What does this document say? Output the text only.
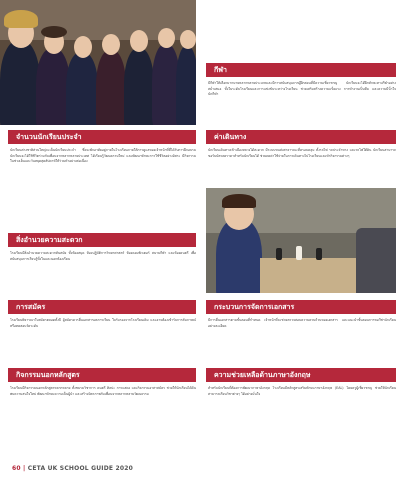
กีฬา
มีกีฬาให้เลือกมากมายหลากหลายประเภทและมีการสนับสนุนจากผู้ฝึกสอนที่มีความเชี่ยวชาญ นักเรียนจะได้ฝึกทักษะทางกีฬาอย่างสม่ำเสมอ ทั้งในระดับโรงเรียนและการแข่งขันระหว่างโรงเรียน ช่วยเสริมสร้างความแข็งแรง การทำงานเป็นทีม และความมีน้ำใจนักกีฬา
จำนวนนักเรียนประจำ
นักเรียนต่างชาติส่วนใหญ่จะเป็นนักเรียนประจำ ซึ่งจะพักอาศัยอยู่ภายในโรงเรียนภายใต้การดูแลของเจ้าหน้าที่ที่ได้รับการฝึกอบรม นักเรียนจะได้ใช้ชีวิตร่วมกับเพื่อนจากหลากหลายประเทศ ได้เรียนรู้วัฒนธรรมใหม่ และพัฒนาทักษะการใช้ชีวิตอย่างอิสระ มีกิจกรรมในช่วงเย็นและวันหยุดสุดสัปดาห์ให้ร่วมทำอย่างต่อเนื่อง
ค่าเดินทาง
นักเรียนเดินทางเข้าเมืองหลวงได้สะดวก มีระบบขนส่งสาธารณะที่ครอบคลุม ทั้งรถไฟ รถประจำทาง และรถไฟใต้ดิน นักเรียนสามารถขอรับบัตรลดราคาสำหรับนักเรียนได้ ช่วยลดค่าใช้จ่ายในการเดินทางไปโรงเรียนและทำกิจกรรมต่างๆ
สิ่งอำนวยความสะดวก
โรงเรียนมีสิ่งอำนวยความสะดวกทันสมัย ทั้งห้องสมุด ห้องปฏิบัติการวิทยาศาสตร์ ห้องคอมพิวเตอร์ สนามกีฬา และห้องดนตรี เพื่อสนับสนุนการเรียนรู้ทั้งในและนอกห้องเรียน
การสมัคร
โรงเรียนพิจารณาใบสมัครตลอดทั้งปี ผู้สมัครควรยื่นเอกสารผลการเรียน ใบรับรองจากโรงเรียนเดิม และอาจต้องเข้ารับการสัมภาษณ์หรือทดสอบวัดระดับ
กระบวนการจัดการเอกสาร
มีการยื่นเอกสารตามขั้นตอนที่กำหนด เจ้าหน้าที่จะช่วยตรวจสอบความครบถ้วนของเอกสาร และแนะนำขั้นตอนการขอวีซ่านักเรียนอย่างละเอียด
กิจกรรมนอกหลักสูตร
โรงเรียนมีกิจกรรมนอกหลักสูตรหลากหลาย ทั้งชมรมวิชาการ ดนตรี ศิลปะ การแสดง และกิจกรรมอาสาสมัคร ช่วยให้นักเรียนได้ค้นพบความสนใจใหม่ พัฒนาทักษะความเป็นผู้นำ และสร้างมิตรภาพกับเพื่อนจากหลากหลายวัฒนธรรม
ความช่วยเหลือด้านภาษาอังกฤษ
สำหรับนักเรียนที่ต้องการพัฒนาภาษาอังกฤษ โรงเรียนมีหลักสูตรเสริมทักษะภาษาอังกฤษ (EAL) โดยครูผู้เชี่ยวชาญ ช่วยให้นักเรียนสามารถเรียนวิชาต่างๆ ได้อย่างมั่นใจ
60 | CETA UK SCHOOL GUIDE 2020
